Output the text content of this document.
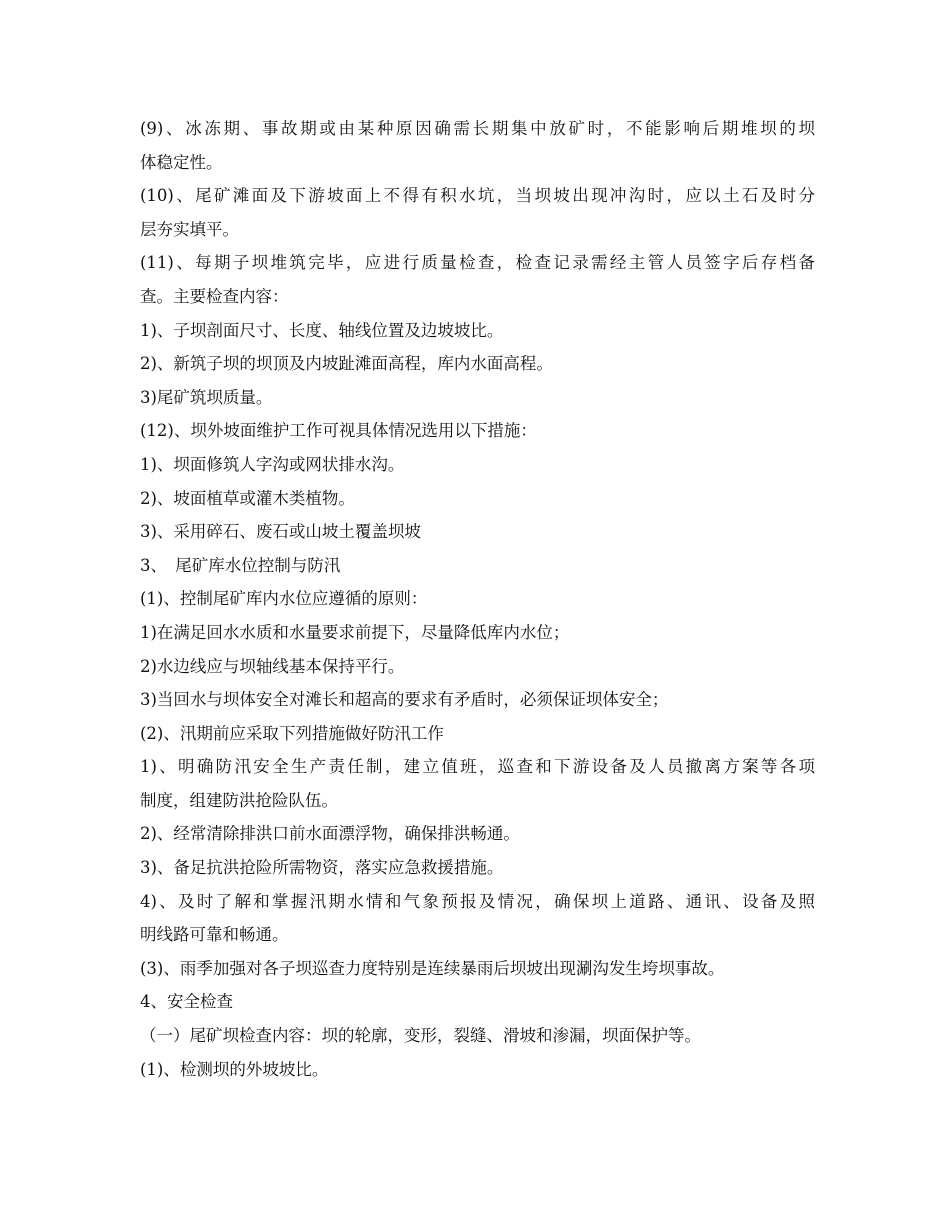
(9)、冰冻期、事故期或由某种原因确需长期集中放矿时，不能影响后期堆坝的坝
体稳定性。
(10)、尾矿滩面及下游坡面上不得有积水坑，当坝坡出现冲沟时，应以土石及时分
层夯实填平。
(11)、每期子坝堆筑完毕，应进行质量检查，检查记录需经主管人员签字后存档备
查。主要检查内容：
1)、子坝剖面尺寸、长度、轴线位置及边坡坡比。
2)、新筑子坝的坝顶及内坡趾滩面高程，库内水面高程。
3)尾矿筑坝质量。
(12)、坝外坡面维护工作可视具体情况选用以下措施：
1)、坝面修筑人字沟或网状排水沟。
2)、坡面植草或灌木类植物。
3)、采用碎石、废石或山坡土覆盖坝坡
3、　尾矿库水位控制与防汛
(1)、控制尾矿库内水位应遵循的原则：
1)在满足回水水质和水量要求前提下，尽量降低库内水位；
2)水边线应与坝轴线基本保持平行。
3)当回水与坝体安全对滩长和超高的要求有矛盾时，必须保证坝体安全；
(2)、汛期前应采取下列措施做好防汛工作
1)、明确防汛安全生产责任制，建立值班，巡查和下游设备及人员撤离方案等各项
制度，组建防洪抢险队伍。
2)、经常清除排洪口前水面漂浮物，确保排洪畅通。
3)、备足抗洪抢险所需物资，落实应急救援措施。
4)、及时了解和掌握汛期水情和气象预报及情况，确保坝上道路、通讯、设备及照
明线路可靠和畅通。
(3)、雨季加强对各子坝巡查力度特别是连续暴雨后坝坡出现涮沟发生垮坝事故。
4、安全检查
（一）尾矿坝检查内容：坝的轮廓，变形，裂缝、滑坡和渗漏，坝面保护等。
(1)、检测坝的外坡坡比。
